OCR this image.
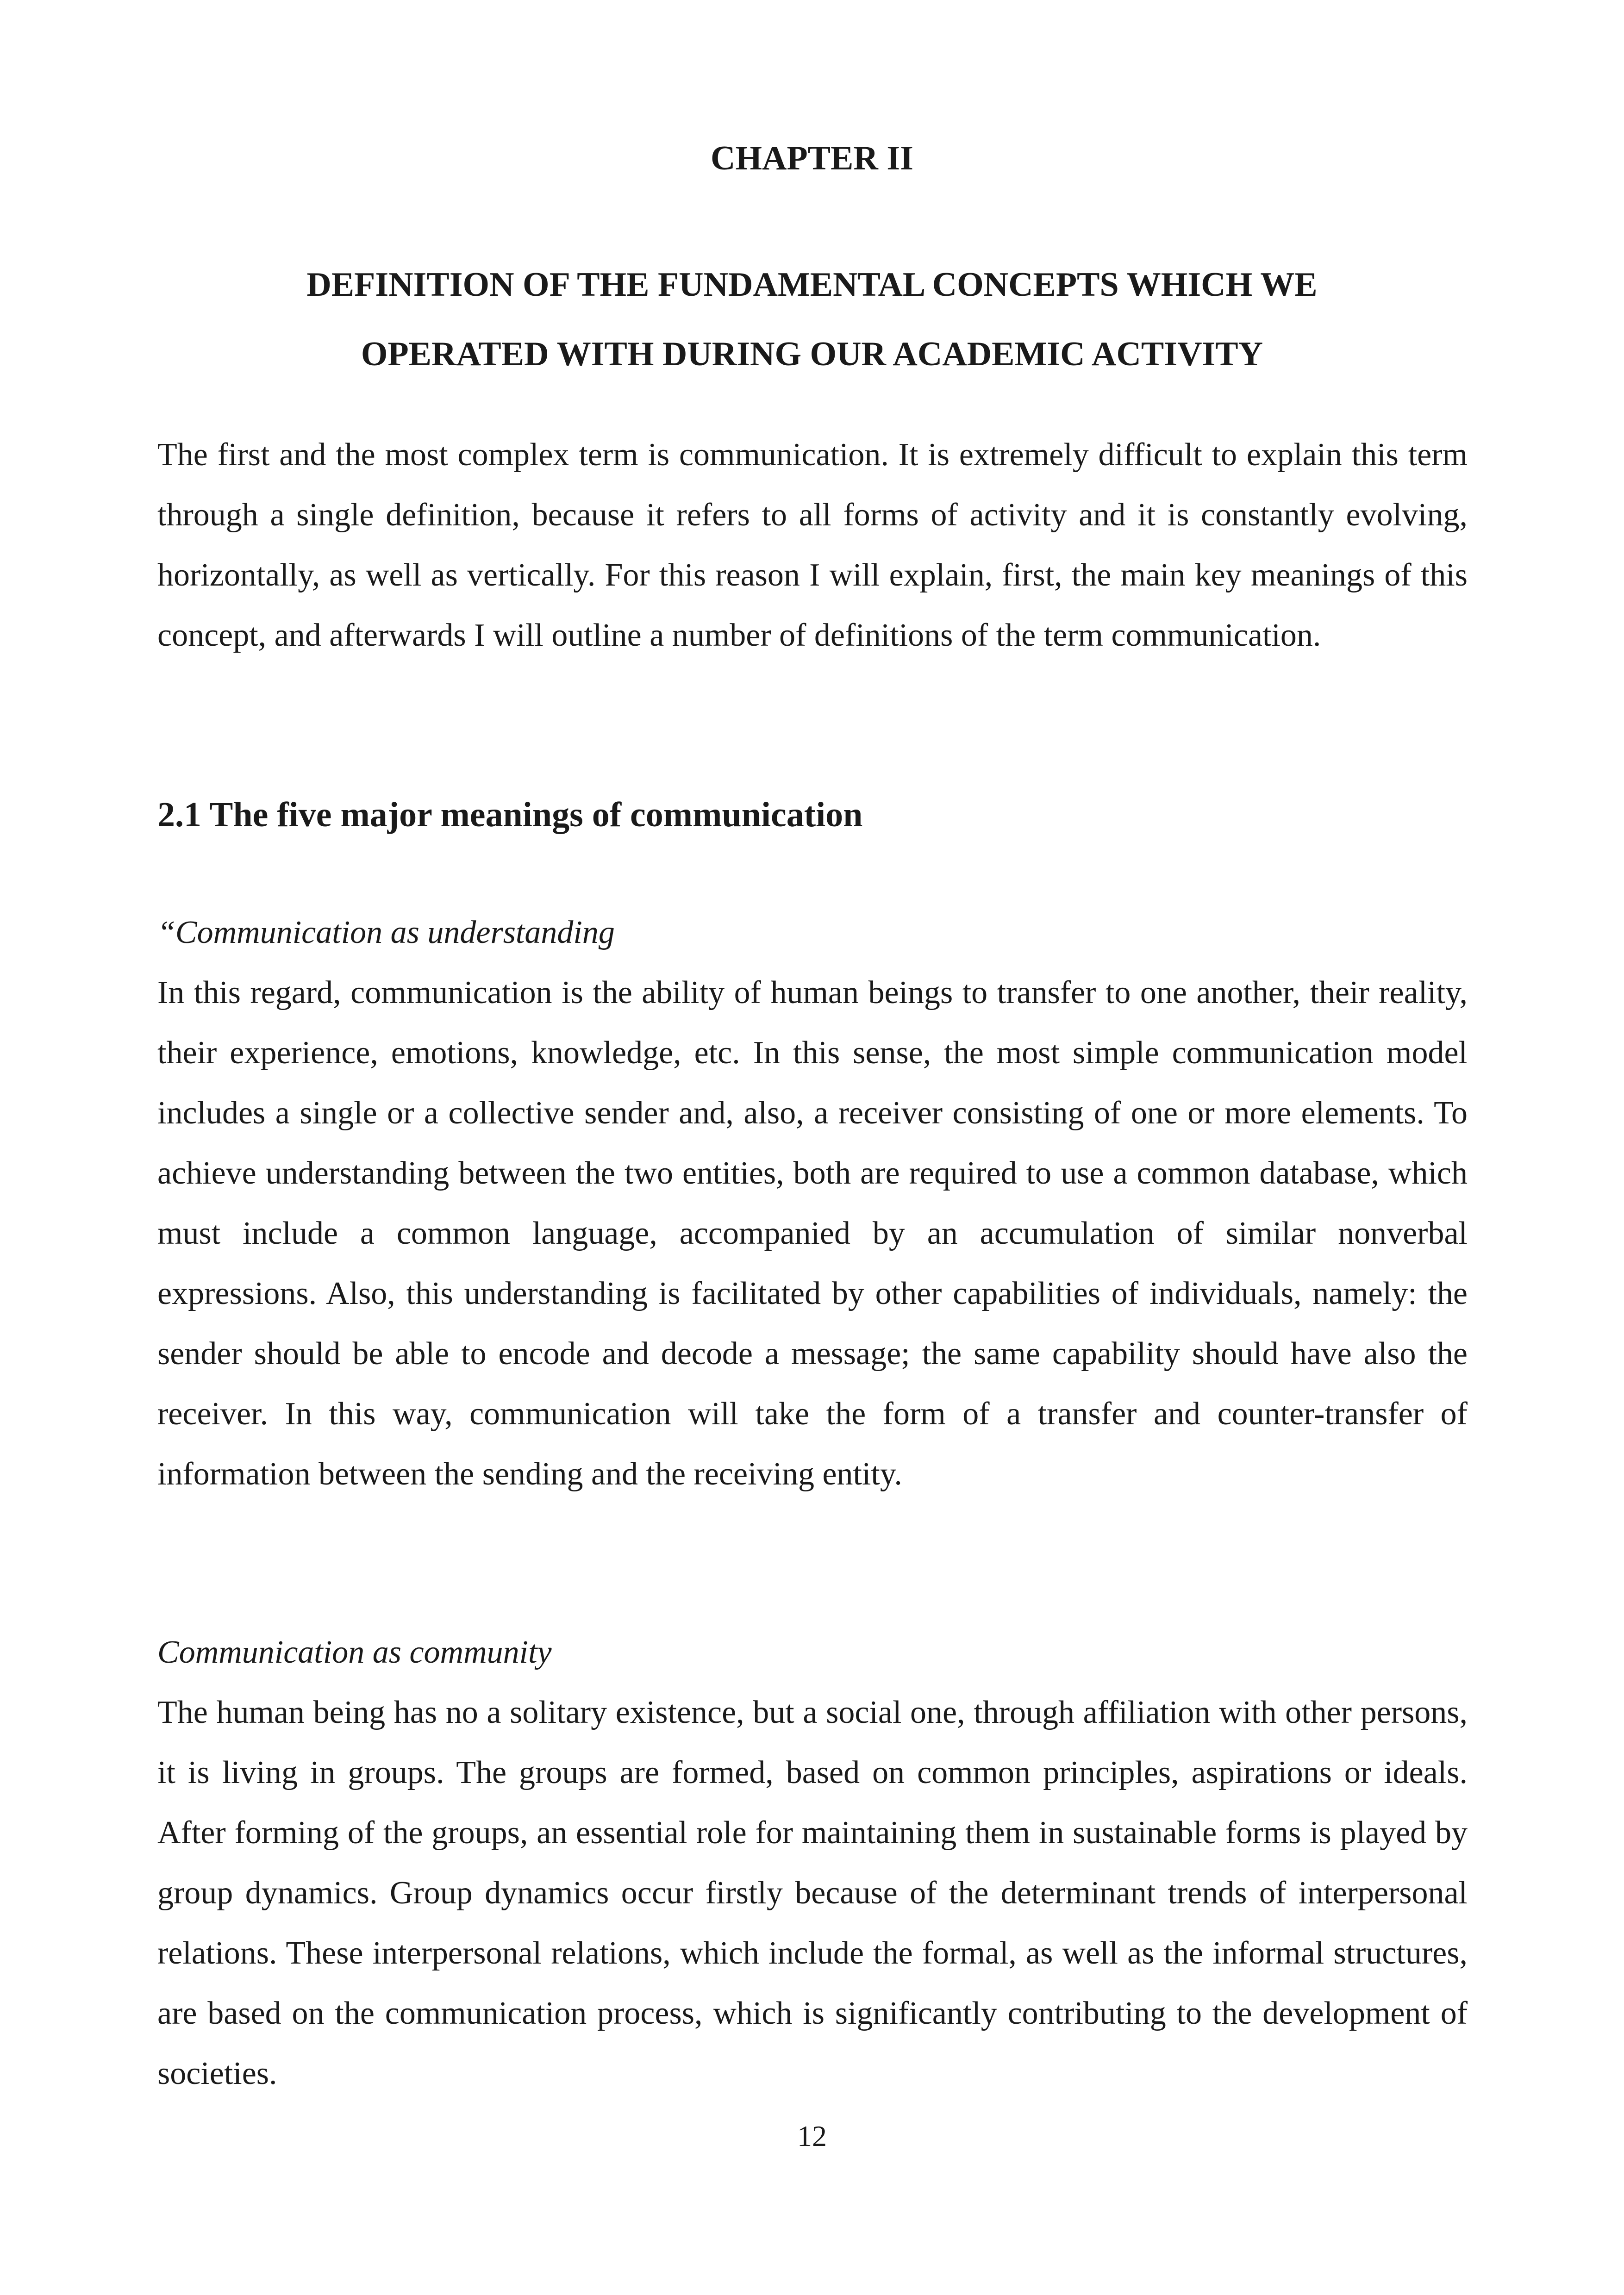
CHAPTER II
DEFINITION OF THE FUNDAMENTAL CONCEPTS WHICH WE
OPERATED WITH DURING OUR ACADEMIC ACTIVITY

The first and the most complex term is communication. It is extremely difficult to explain this term through a single definition, because it refers to all forms of activity and it is constantly evolving, horizontally, as well as vertically. For this reason I will explain, first, the main key meanings of this concept, and afterwards I will outline a number of definitions of the term communication.

2.1 The five major meanings of communication

“Communication as understanding

In this regard, communication is the ability of human beings to transfer to one another, their reality, their experience, emotions, knowledge, etc. In this sense, the most simple communication model includes a single or a collective sender and, also, a receiver consisting of one or more elements. To achieve understanding between the two entities, both are required to use a common database, which must include a common language, accompanied by an accumulation of similar nonverbal expressions. Also, this understanding is facilitated by other capabilities of individuals, namely: the sender should be able to encode and decode a message; the same capability should have also the receiver. In this way, communication will take the form of a transfer and counter-transfer of information between the sending and the receiving entity.

Communication as community

The human being has no a solitary existence, but a social one, through affiliation with other persons, it is living in groups. The groups are formed, based on common principles, aspirations or ideals. After forming of the groups, an essential role for maintaining them in sustainable forms is played by group dynamics. Group dynamics occur firstly because of the determinant trends of interpersonal relations. These interpersonal relations, which include the formal, as well as the informal structures, are based on the communication process, which is significantly contributing to the development of societies.

12
